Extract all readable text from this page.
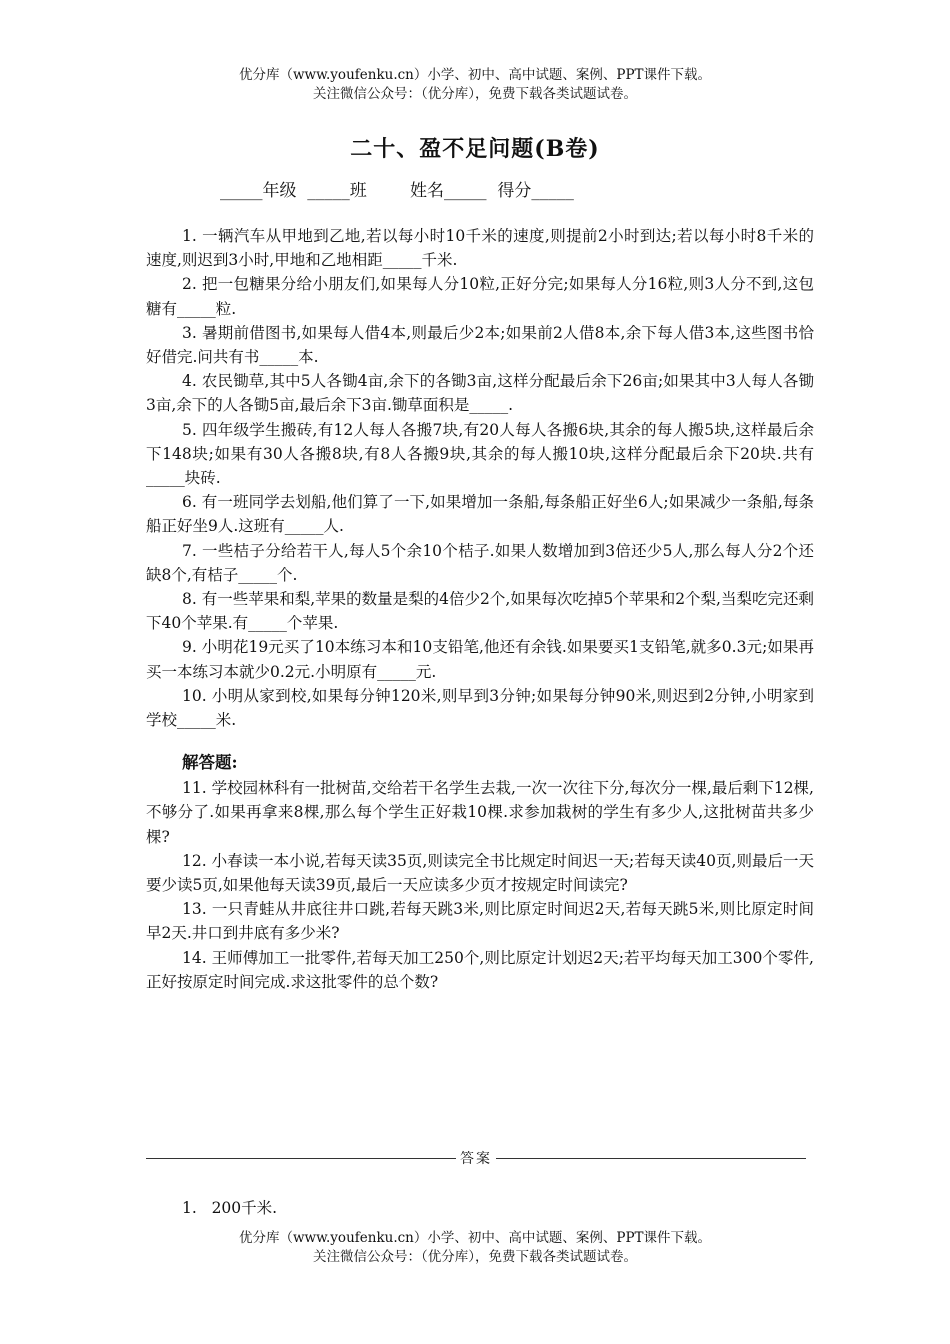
优分库（www.youfenku.cn）小学、初中、高中试题、案例、PPT课件下载。
关注微信公众号：（优分库），免费下载各类试题试卷。
二十、盈不足问题(B卷)
_____年级  _____班        姓名_____  得分_____

1. 一辆汽车从甲地到乙地,若以每小时10千米的速度,则提前2小时到达;若以每小时8千米的速度,则迟到3小时,甲地和乙地相距_____千米.

2. 把一包糖果分给小朋友们,如果每人分10粒,正好分完;如果每人分16粒,则3人分不到,这包糖有_____粒.

3. 暑期前借图书,如果每人借4本,则最后少2本;如果前2人借8本,余下每人借3本,这些图书恰好借完.问共有书_____本.

4. 农民锄草,其中5人各锄4亩,余下的各锄3亩,这样分配最后余下26亩;如果其中3人每人各锄3亩,余下的人各锄5亩,最后余下3亩.锄草面积是_____.

5. 四年级学生搬砖,有12人每人各搬7块,有20人每人各搬6块,其余的每人搬5块,这样最后余下148块;如果有30人各搬8块,有8人各搬9块,其余的每人搬10块,这样分配最后余下20块.共有_____块砖.

6. 有一班同学去划船,他们算了一下,如果增加一条船,每条船正好坐6人;如果减少一条船,每条船正好坐9人.这班有_____人.

7. 一些桔子分给若干人,每人5个余10个桔子.如果人数增加到3倍还少5人,那么每人分2个还缺8个,有桔子_____个.

8. 有一些苹果和梨,苹果的数量是梨的4倍少2个,如果每次吃掉5个苹果和2个梨,当梨吃完还剩下40个苹果.有_____个苹果.

9. 小明花19元买了10本练习本和10支铅笔,他还有余钱.如果要买1支铅笔,就多0.3元;如果再买一本练习本就少0.2元.小明原有_____元.

10. 小明从家到校,如果每分钟120米,则早到3分钟;如果每分钟90米,则迟到2分钟,小明家到学校_____米.

解答题:

11. 学校园林科有一批树苗,交给若干名学生去栽,一次一次往下分,每次分一棵,最后剩下12棵,不够分了.如果再拿来8棵,那么每个学生正好栽10棵.求参加栽树的学生有多少人,这批树苗共多少棵?

12. 小春读一本小说,若每天读35页,则读完全书比规定时间迟一天;若每天读40页,则最后一天要少读5页,如果他每天读39页,最后一天应读多少页才按规定时间读完?

13. 一只青蛙从井底往井口跳,若每天跳3米,则比原定时间迟2天,若每天跳5米,则比原定时间早2天.井口到井底有多少米?

14. 王师傅加工一批零件,若每天加工250个,则比原定计划迟2天;若平均每天加工300个零件,正好按原定时间完成.求这批零件的总个数?

答案
1.   200千米.
优分库（www.youfenku.cn）小学、初中、高中试题、案例、PPT课件下载。
关注微信公众号：（优分库），免费下载各类试题试卷。
